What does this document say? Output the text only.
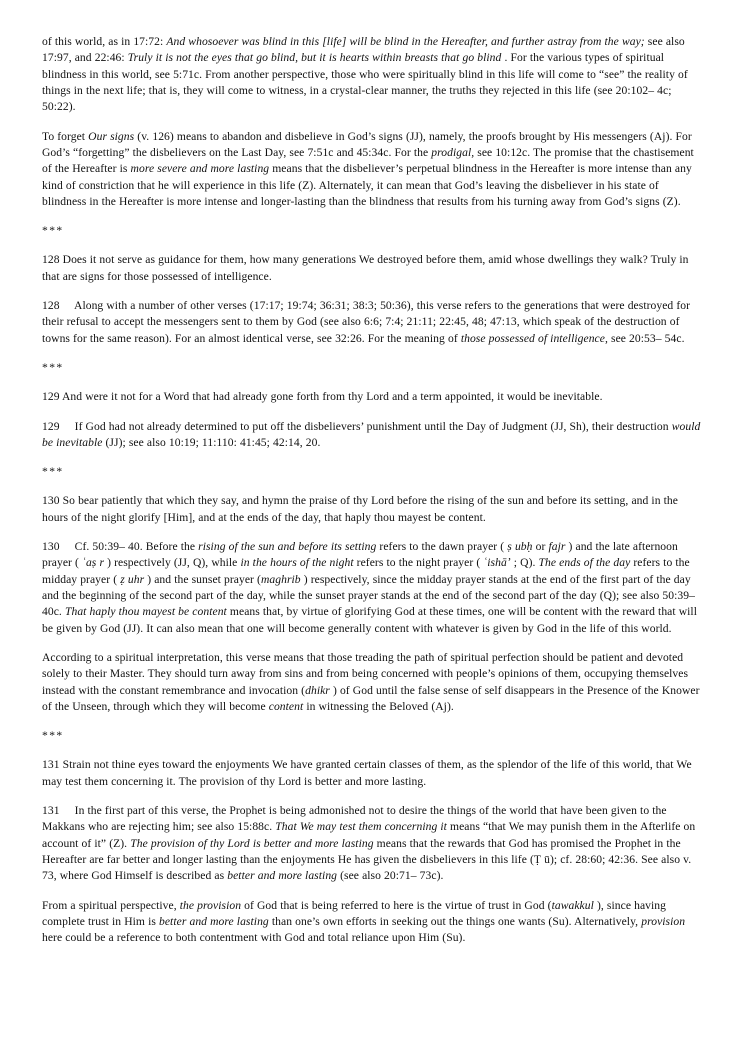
of this world, as in 17:72: And whosoever was blind in this [life] will be blind in the Hereafter, and further astray from the way; see also 17:97, and 22:46: Truly it is not the eyes that go blind, but it is hearts within breasts that go blind . For the various types of spiritual blindness in this world, see 5:71c. From another perspective, those who were spiritually blind in this life will come to “see” the reality of things in the next life; that is, they will come to witness, in a crystal-clear manner, the truths they rejected in this life (see 20:102– 4c; 50:22).
To forget Our signs (v. 126) means to abandon and disbelieve in God’s signs (JJ), namely, the proofs brought by His messengers (Aj). For God’s “forgetting” the disbelievers on the Last Day, see 7:51c and 45:34c. For the prodigal, see 10:12c. The promise that the chastisement of the Hereafter is more severe and more lasting means that the disbeliever’s perpetual blindness in the Hereafter is more intense than any kind of constriction that he will experience in this life (Z). Alternately, it can mean that God’s leaving the disbeliever in his state of blindness in the Hereafter is more intense and longer-lasting than the blindness that results from his turning away from God’s signs (Z).
***
128 Does it not serve as guidance for them, how many generations We destroyed before them, amid whose dwellings they walk? Truly in that are signs for those possessed of intelligence.
128 Along with a number of other verses (17:17; 19:74; 36:31; 38:3; 50:36), this verse refers to the generations that were destroyed for their refusal to accept the messengers sent to them by God (see also 6:6; 7:4; 21:11; 22:45, 48; 47:13, which speak of the destruction of towns for the same reason). For an almost identical verse, see 32:26. For the meaning of those possessed of intelligence, see 20:53– 54c.
***
129 And were it not for a Word that had already gone forth from thy Lord and a term appointed, it would be inevitable.
129 If God had not already determined to put off the disbelievers’ punishment until the Day of Judgment (JJ, Sh), their destruction would be inevitable (JJ); see also 10:19; 11:110: 41:45; 42:14, 20.
***
130 So bear patiently that which they say, and hymn the praise of thy Lord before the rising of the sun and before its setting, and in the hours of the night glorify [Him], and at the ends of the day, that haply thou mayest be content.
130 Cf. 50:39– 40. Before the rising of the sun and before its setting refers to the dawn prayer ( ṣ ubḥ or fajr ) and the late afternoon prayer ( ʿaṣ r ) respectively (JJ, Q), while in the hours of the night refers to the night prayer ( ʿishāʼ ; Q). The ends of the day refers to the midday prayer ( ẓ uhr ) and the sunset prayer (maghrib ) respectively, since the midday prayer stands at the end of the first part of the day and the beginning of the second part of the day, while the sunset prayer stands at the end of the second part of the day (Q); see also 50:39– 40c. That haply thou mayest be content means that, by virtue of glorifying God at these times, one will be content with the reward that will be given by God (JJ). It can also mean that one will become generally content with whatever is given by God in the life of this world.
According to a spiritual interpretation, this verse means that those treading the path of spiritual perfection should be patient and devoted solely to their Master. They should turn away from sins and from being concerned with people’s opinions of them, occupying themselves instead with the constant remembrance and invocation (dhikr ) of God until the false sense of self disappears in the Presence of the Knower of the Unseen, through which they will become content in witnessing the Beloved (Aj).
***
131 Strain not thine eyes toward the enjoyments We have granted certain classes of them, as the splendor of the life of this world, that We may test them concerning it. The provision of thy Lord is better and more lasting.
131 In the first part of this verse, the Prophet is being admonished not to desire the things of the world that have been given to the Makkans who are rejecting him; see also 15:88c. That We may test them concerning it means “that We may punish them in the Afterlife on account of it” (Z). The provision of thy Lord is better and more lasting means that the rewards that God has promised the Prophet in the Hereafter are far better and longer lasting than the enjoyments He has given the disbelievers in this life (Ṭ ū); cf. 28:60; 42:36. See also v. 73, where God Himself is described as better and more lasting (see also 20:71– 73c).
From a spiritual perspective, the provision of God that is being referred to here is the virtue of trust in God (tawakkul ), since having complete trust in Him is better and more lasting than one’s own efforts in seeking out the things one wants (Su). Alternatively, provision here could be a reference to both contentment with God and total reliance upon Him (Su).
